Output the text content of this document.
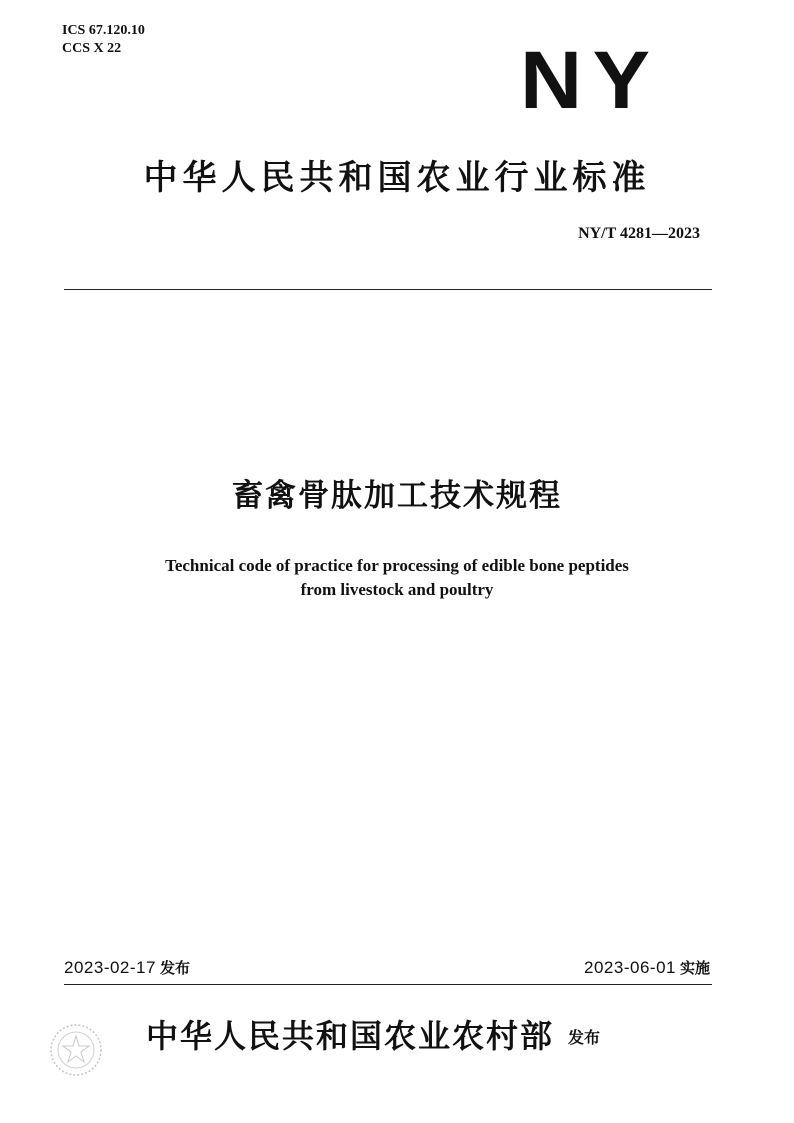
ICS 67.120.10
CCS X 22	NY
中华人民共和国农业行业标准
NY/T 4281—2023
畜禽骨肽加工技术规程
Technical code of practice for processing of edible bone peptides
from livestock and poultry
2023-02-17 发布	2023-06-01 实施
中华人民共和国农业农村部 发布
